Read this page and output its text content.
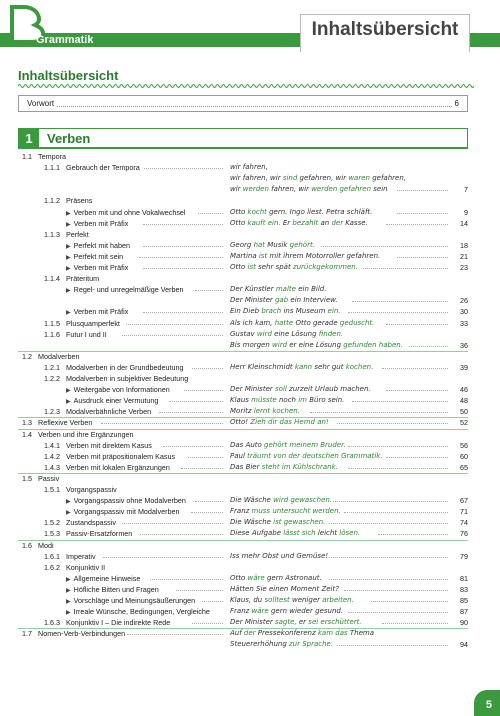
B
Grammatik	Inhaltsübersicht
Inhaltsübersicht
Vorwort	6
1	Verben
1.1 Tempora
1.1.1 Gebrauch der Tempora	wir fahren,
wir fahren, wir sind gefahren, wir waren gefahren,
wir werden fahren, wir werden gefahren sein	7
1.1.2 Präsens
▶ Verben mit und ohne Vokalwechsel	Otto kocht gern. Ingo liest. Petra schläft.	9
▶ Verben mit Präfix	Otto kauft ein. Er bezahlt an der Kasse.	14
1.1.3 Perfekt
▶ Perfekt mit haben	Georg hat Musik gehört.	18
▶ Perfekt mit sein	Martina ist mit ihrem Motorroller gefahren.	21
▶ Verben mit Präfix	Otto ist sehr spät zurückgekommen.	23
1.1.4 Präteritum
▶ Regel- und unregelmäßige Verben	Der Künstler malte ein Bild.
Der Minister gab ein Interview.	26
▶ Verben mit Präfix	Ein Dieb brach ins Museum ein.	30
1.1.5 Plusquamperfekt	Als ich kam, hatte Otto gerade geduscht.	33
1.1.6 Futur I und II	Gustav wird eine Lösung finden.
Bis morgen wird er eine Lösung gefunden haben.	36
1.2 Modalverben
1.2.1 Modalverben in der Grundbedeutung	Herr Kleinschmidt kann sehr gut kochen.	39
1.2.2 Modalverben in subjektiver Bedeutung
▶ Weitergabe von Informationen	Der Minister soll zurzeit Urlaub machen.	46
▶ Ausdruck einer Vermutung	Klaus müsste noch im Büro sein.	48
1.2.3 Modalverbähnliche Verben	Moritz lernt kochen.	50
1.3 Reflexive Verben	Otto! Zieh dir das Hemd an!	52
1.4 Verben und ihre Ergänzungen
1.4.1 Verben mit direktem Kasus	Das Auto gehört meinem Bruder.	56
1.4.2 Verben mit präpositionalem Kasus	Paul träumt von der deutschen Grammatik.	60
1.4.3 Verben mit lokalen Ergänzungen	Das Bier steht im Kühlschrank.	65
1.5 Passiv
1.5.1 Vorgangspassiv
▶ Vorgangspassiv ohne Modalverben	Die Wäsche wird gewaschen.	67
▶ Vorgangspassiv mit Modalverben	Franz muss untersucht werden.	71
1.5.2 Zustandspassiv	Die Wäsche ist gewaschen.	74
1.5.3 Passiv-Ersatzformen	Diese Aufgabe lässt sich leicht lösen.	76
1.6 Modi
1.6.1 Imperativ	Iss mehr Obst und Gemüse!	79
1.6.2 Konjunktiv II
▶ Allgemeine Hinweise	Otto wäre gern Astronaut.	81
▶ Höfliche Bitten und Fragen	Hätten Sie einen Moment Zeit?	83
▶ Vorschläge und Meinungsäußerungen	Klaus, du solltest weniger arbeiten.	85
▶ Irreale Wünsche, Bedingungen, Vergleiche	Franz wäre gern wieder gesund.	87
1.6.3 Konjunktiv I – Die indirekte Rede	Der Minister sagte, er sei erschüttert.	90
1.7 Nomen-Verb-Verbindungen	Auf der Pressekonferenz kam das Thema
Steuererhöhung zur Sprache.	94
5
